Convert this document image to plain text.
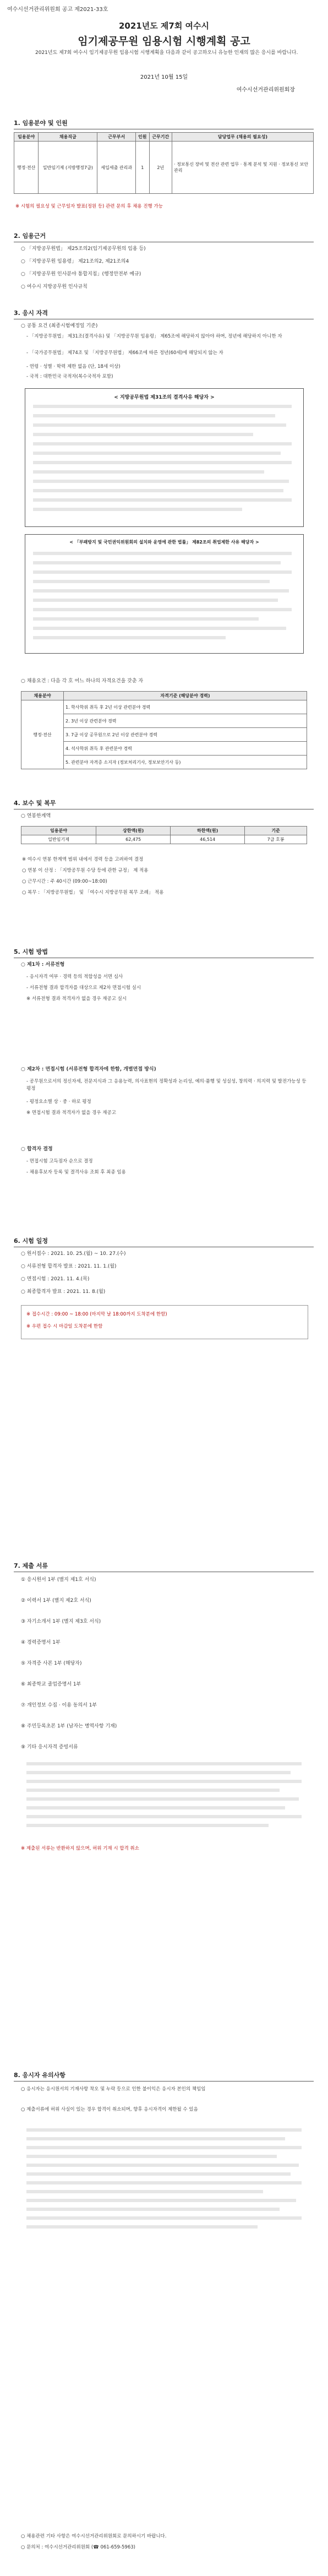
여수시선거관리위원회 공고 제2021-33호
2021년도 제7회 여수시
임기제공무원 임용시험 시행계획 공고
2021년도 제7회 여수시 임기제공무원 임용시험 시행계획을 다음과 같이 공고하오니 유능한 인재의 많은 응시를 바랍니다.
2021년 10월 15일
여수시선거관리위원회장
1. 임용분야 및 인원
임용분야	채용직급	근무부서	인원	근무기간	담당업무 (채용의 필요성)
행정·전산	일반임기제 (지방행정7급)	세입세출 관리과	1	2년	· 정보통신 장비 및 전산 관련 업무 · 통계 분석 및 지원 · 정보통신 보안 관리
※ 시험의 필요성 및 근무일자 발표(정원 등) 관련 문의 후 채용 진행 가능
2. 임용근거
○ 「지방공무원법」 제25조의2(임기제공무원의 임용 등)
○ 「지방공무원 임용령」 제21조의2, 제21조의4
○ 「지방공무원 인사분야 통합지침」(행정안전부 예규)
○ 여수시 지방공무원 인사규칙
3. 응시 자격
○ 공통 요건 (최종시험예정일 기준)
- 「지방공무원법」 제31조(결격사유) 및 「지방공무원 임용령」 제65조에 해당하지 않아야 하며, 정년에 해당하지 아니한 자
- 「국가공무원법」 제74조 및 「지방공무원법」 제66조에 따른 정년(60세)에 해당되지 않는 자
- 연령 · 성별 · 학력 제한 없음 (단, 18세 이상)
- 국적 : 대한민국 국적자(복수국적자 포함)
< 지방공무원법 제31조의 결격사유 해당자 >
< 「부패방지 및 국민권익위원회의 설치와 운영에 관한 법률」 제82조의 취업제한 사유 해당자 >
○ 채용요건 : 다음 각 호 어느 하나의 자격요건을 갖춘 자
채용분야	자격기준 (해당분야 경력)
행정·전산	1. 학사학위 취득 후 2년 이상 관련분야 경력
	2. 3년 이상 관련분야 경력
	3. 7급 이상 공무원으로 2년 이상 관련분야 경력
	4. 석사학위 취득 후 관련분야 경력
	5. 관련분야 자격증 소지자 (정보처리기사, 정보보안기사 등)
4. 보수 및 복무
○ 연봉한계액
임용분야	상한액(원)	하한액(원)	기준
일반임기제	62,475	46,514	7급 호봉
※ 여수시 연봉 한계액 범위 내에서 경력 등을 고려하여 결정
○ 연봉 이 산정 : 「지방공무원 수당 등에 관한 규정」 제 적용
○ 근무시간 : 주 40시간 (09:00~18:00)
○ 복무 : 「지방공무원법」 및 「여수시 지방공무원 복무 조례」 적용
5. 시험 방법
○ 제1차 : 서류전형
- 응시자격 여부 · 경력 등의 적합성을 서면 심사
- 서류전형 결과 합격자를 대상으로 제2차 면접시험 실시
※ 서류전형 결과 적격자가 없을 경우 재공고 실시
○ 제2차 : 면접시험 (서류전형 합격자에 한함, 개별면접 방식)
- 공무원으로서의 정신자세, 전문지식과 그 응용능력, 의사표현의 정확성과 논리성, 예의·품행 및 성실성, 창의력 · 의지력 및 발전가능성 등 평정
- 평정요소별 상 · 중 · 하로 평정
※ 면접시험 결과 적격자가 없을 경우 재공고
○ 합격자 결정
- 면접시험 고득점자 순으로 결정
- 채용후보자 등록 및 결격사유 조회 후 최종 임용
6. 시험 일정
○ 원서접수 : 2021. 10. 25.(월) ~ 10. 27.(수)
○ 서류전형 합격자 발표 : 2021. 11. 1.(월)
○ 면접시험 : 2021. 11. 4.(목)
○ 최종합격자 발표 : 2021. 11. 8.(월)
※ 접수시간 : 09:00 ~ 18:00 (마지막 날 18:00까지 도착분에 한함)
※ 우편 접수 시 마감일 도착분에 한함
7. 제출 서류
① 응시원서 1부 (별지 제1호 서식)
② 이력서 1부 (별지 제2호 서식)
③ 자기소개서 1부 (별지 제3호 서식)
④ 경력증명서 1부
⑤ 자격증 사본 1부 (해당자)
⑥ 최종학교 졸업증명서 1부
⑦ 개인정보 수집 · 이용 동의서 1부
⑧ 주민등록초본 1부 (남자는 병역사항 기재)
⑨ 기타 응시자격 증빙서류
※ 제출된 서류는 반환하지 않으며, 허위 기재 시 합격 취소
8. 응시자 유의사항
○ 응시자는 응시원서의 기재사항 착오 및 누락 등으로 인한 불이익은 응시자 본인의 책임임
○ 제출서류에 허위 사실이 있는 경우 합격이 취소되며, 향후 응시자격이 제한될 수 있음
○ 채용관련 기타 사항은 여수시선거관리위원회로 문의하시기 바랍니다.
○ 문의처 : 여수시선거관리위원회 (☎ 061-659-5963)
